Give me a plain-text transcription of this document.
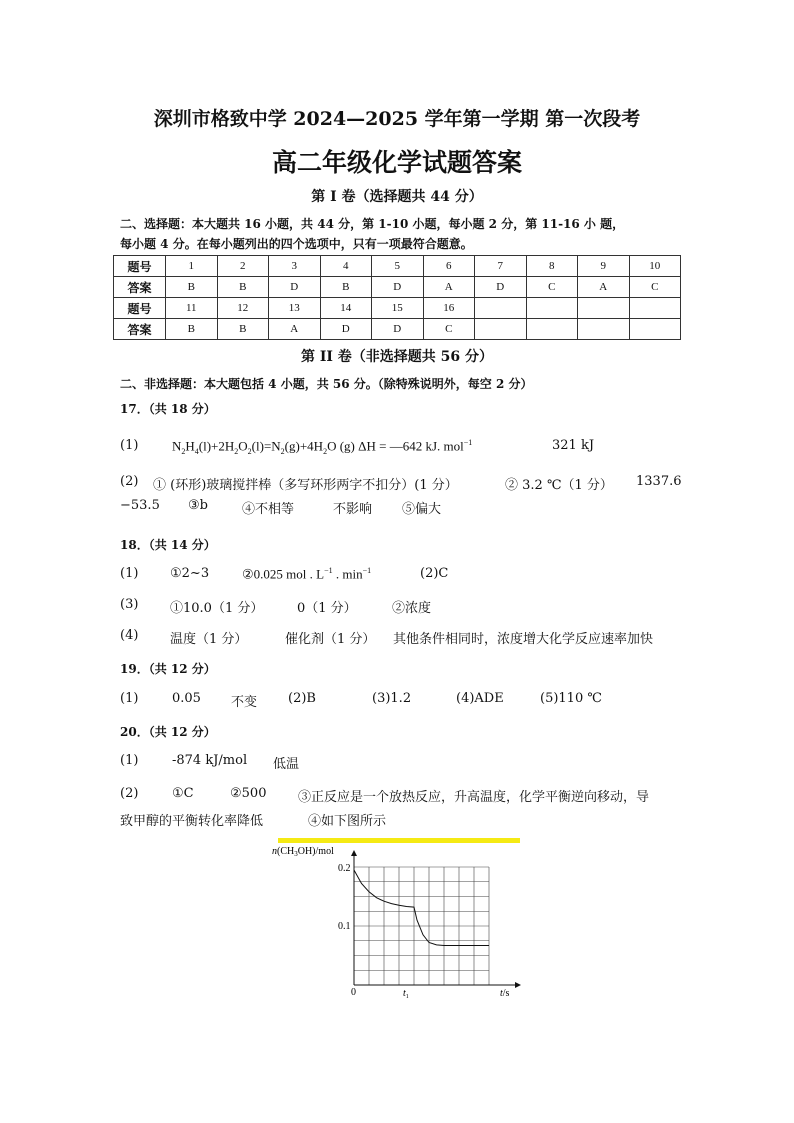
深圳市格致中学 2024—2025 学年第一学期 第一次段考
高二年级化学试题答案
第 I 卷（选择题共 44 分）
二、选择题：本大题共 16 小题，共 44 分，第 1-10 小题，每小题 2 分，第 11-16 小 题，
每小题 4 分。在每小题列出的四个选项中，只有一项最符合题意。
题号	1	2	3	4	5	6	7	8	9	10
答案	B	B	D	B	D	A	D	C	A	C
题号	11	12	13	14	15	16				
答案	B	B	A	D	D	C				
第 II 卷（非选择题共 56 分）
二、非选择题：本大题包括 4 小题，共 56 分。（除特殊说明外，每空 2 分）
17．（共 18 分）
(1)	$N_2H_4(l)+2H_2O_2(l)=N_2(g)+4H_2O$ (g) ΔH = —642 kJ. mol$^{-1}$	321 kJ
(2) ① (环形)玻璃搅拌棒（多写环形两字不扣分）(1 分）	② 3.2 ℃（1 分） 1337.6
−53.5 ③b	④不相等	不影响 ⑤偏大
18．（共 14 分）
(1) ①2~3	②0.025 mol . $L^{-1}$ . $\min^{-1}$	(2)C
(3) ①10.0（1 分）	0（1 分）	②浓度
(4) 温度（1 分）	催化剂（1 分） 其他条件相同时，浓度增大化学反应速率加快
19．（共 12 分）
(1)	0.05 不变 (2)B	(3)1.2	(4)ADE	(5)110 ℃
20．（共 12 分）
(1)	-874 kJ/mol 低温
(2)	①C	②500 ③正反应是一个放热反应，升高温度，化学平衡逆向移动，导
致甲醇的平衡转化率降低	④如下图所示
$n(CH_3OH)$/mol
0.2
0.1
0	$t_1$	t/s
